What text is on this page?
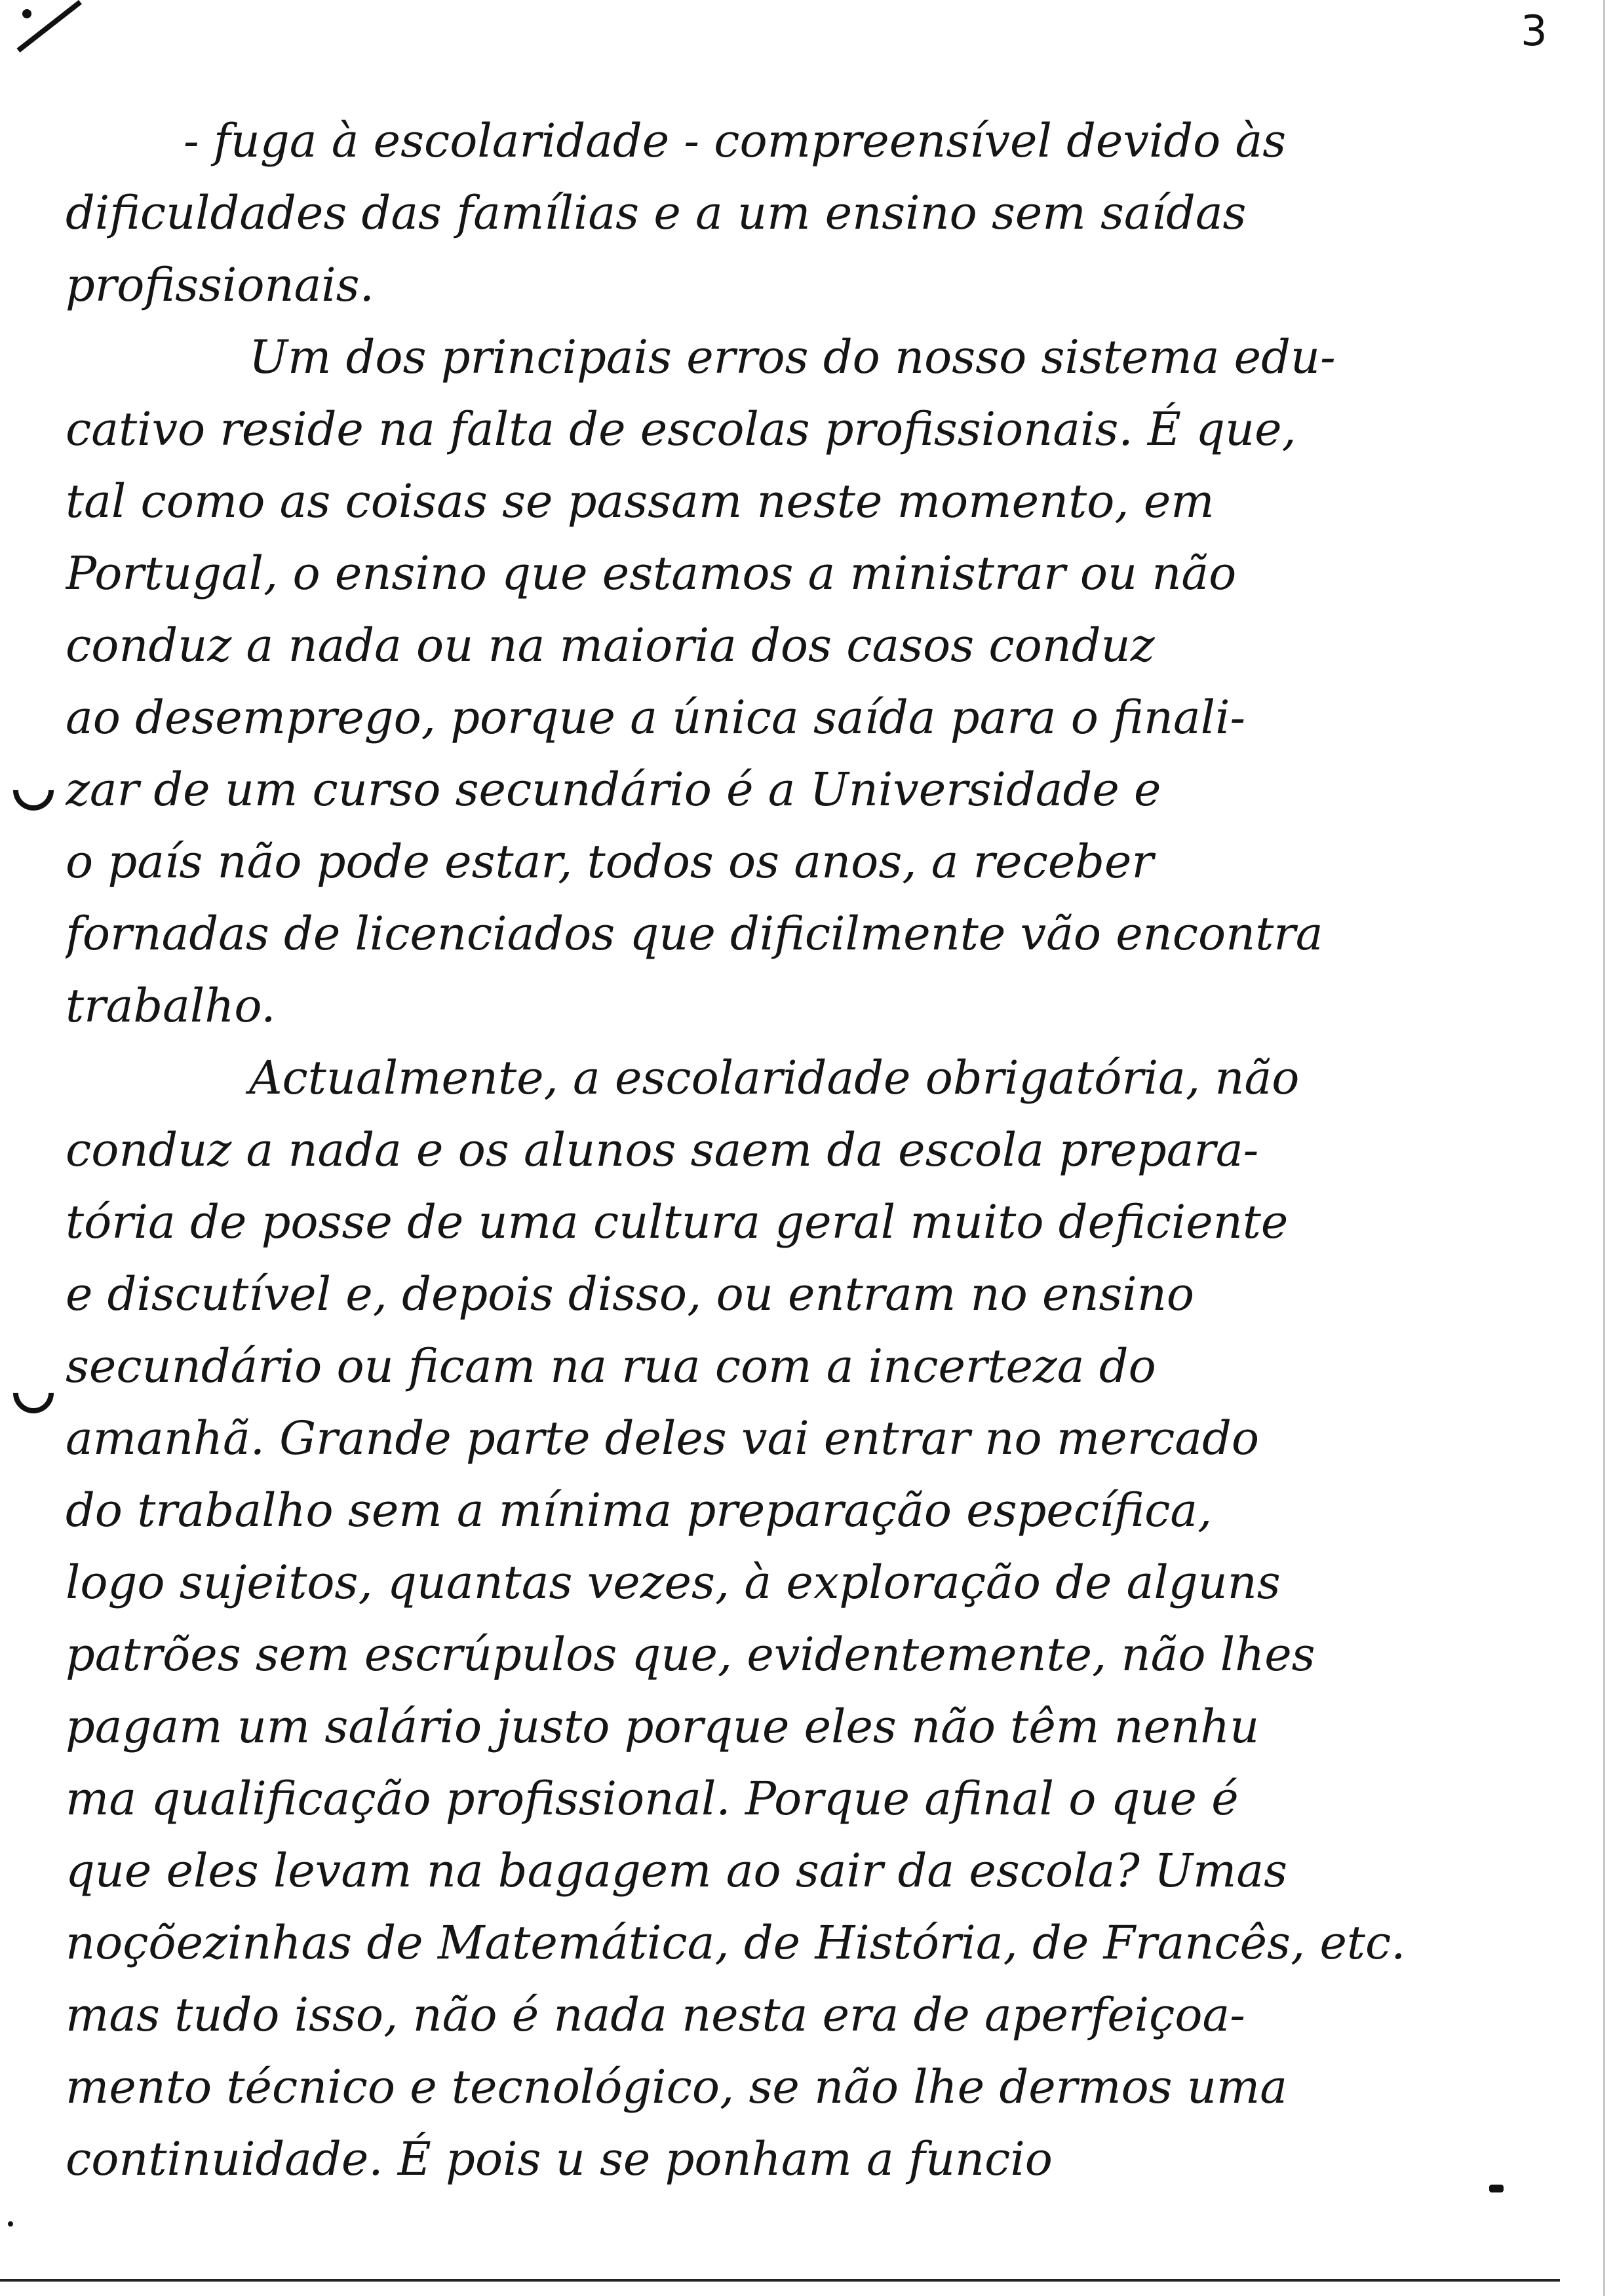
3
- fuga à escolaridade - compreensível devido às
dificuldades das famílias e a um ensino sem saídas
profissionais.
Um dos principais erros do nosso sistema edu-
cativo reside na falta de escolas profissionais. É que,
tal como as coisas se passam neste momento, em
Portugal, o ensino que estamos a ministrar ou não
conduz a nada ou na maioria dos casos conduz
ao desemprego, porque a única saída para o finali-
zar de um curso secundário é a Universidade e
o país não pode estar, todos os anos, a receber
fornadas de licenciados que dificilmente vão encontra
trabalho.
Actualmente, a escolaridade obrigatória, não
conduz a nada e os alunos saem da escola prepara-
tória de posse de uma cultura geral muito deficiente
e discutível e, depois disso, ou entram no ensino
secundário ou ficam na rua com a incerteza do
amanhã. Grande parte deles vai entrar no mercado
do trabalho sem a mínima preparação específica,
logo sujeitos, quantas vezes, à exploração de alguns
patrões sem escrúpulos que, evidentemente, não lhes
pagam um salário justo porque eles não têm nenhu
ma qualificação profissional. Porque afinal o que é
que eles levam na bagagem ao sair da escola? Umas
noçõezinhas de Matemática, de História, de Francês, etc.
mas tudo isso, não é nada nesta era de aperfeiçoa-
mento técnico e tecnológico, se não lhe dermos uma
continuidade. É pois u se ponham a funcio
